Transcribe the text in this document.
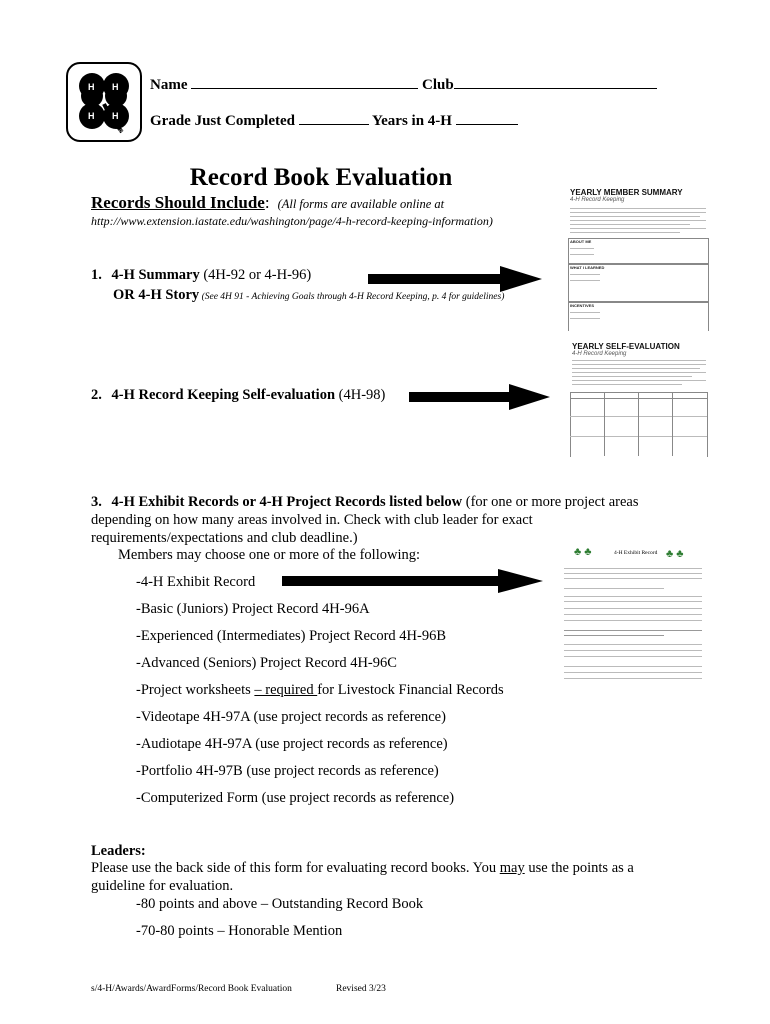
H H
H H
IMAGE ID
Name	Club
Grade Just Completed	Years in 4-H
Record Book Evaluation
Records Should Include: (All forms are available online at
http://www.extension.iastate.edu/washington/page/4-h-record-keeping-information)
1. 4-H Summary (4H-92 or 4-H-96)
OR 4-H Story (See 4H 91 - Achieving Goals through 4-H Record Keeping, p. 4 for guidelines)
YEARLY MEMBER SUMMARY
4-H Record Keeping
ABOUT ME
WHAT I LEARNED
INCENTIVES
2. 4-H Record Keeping Self-evaluation (4H-98)
YEARLY SELF-EVALUATION
4-H Record Keeping
3. 4-H Exhibit Records or 4-H Project Records listed below (for one or more project areas
depending on how many areas involved in. Check with club leader for exact
requirements/expectations and club deadline.)
Members may choose one or more of the following:
-4-H Exhibit Record
-Basic (Juniors) Project Record 4H-96A
-Experienced (Intermediates) Project Record 4H-96B
-Advanced (Seniors) Project Record 4H-96C
-Project worksheets – required for Livestock Financial Records
-Videotape 4H-97A (use project records as reference)
-Audiotape 4H-97A (use project records as reference)
-Portfolio 4H-97B (use project records as reference)
-Computerized Form (use project records as reference)
♣ ♣	♣ ♣
4-H Exhibit Record
Leaders:
Please use the back side of this form for evaluating record books. You may use the points as a
guideline for evaluation.
-80 points and above – Outstanding Record Book
-70-80 points – Honorable Mention
s/4-H/Awards/AwardForms/Record Book Evaluation	Revised 3/23
